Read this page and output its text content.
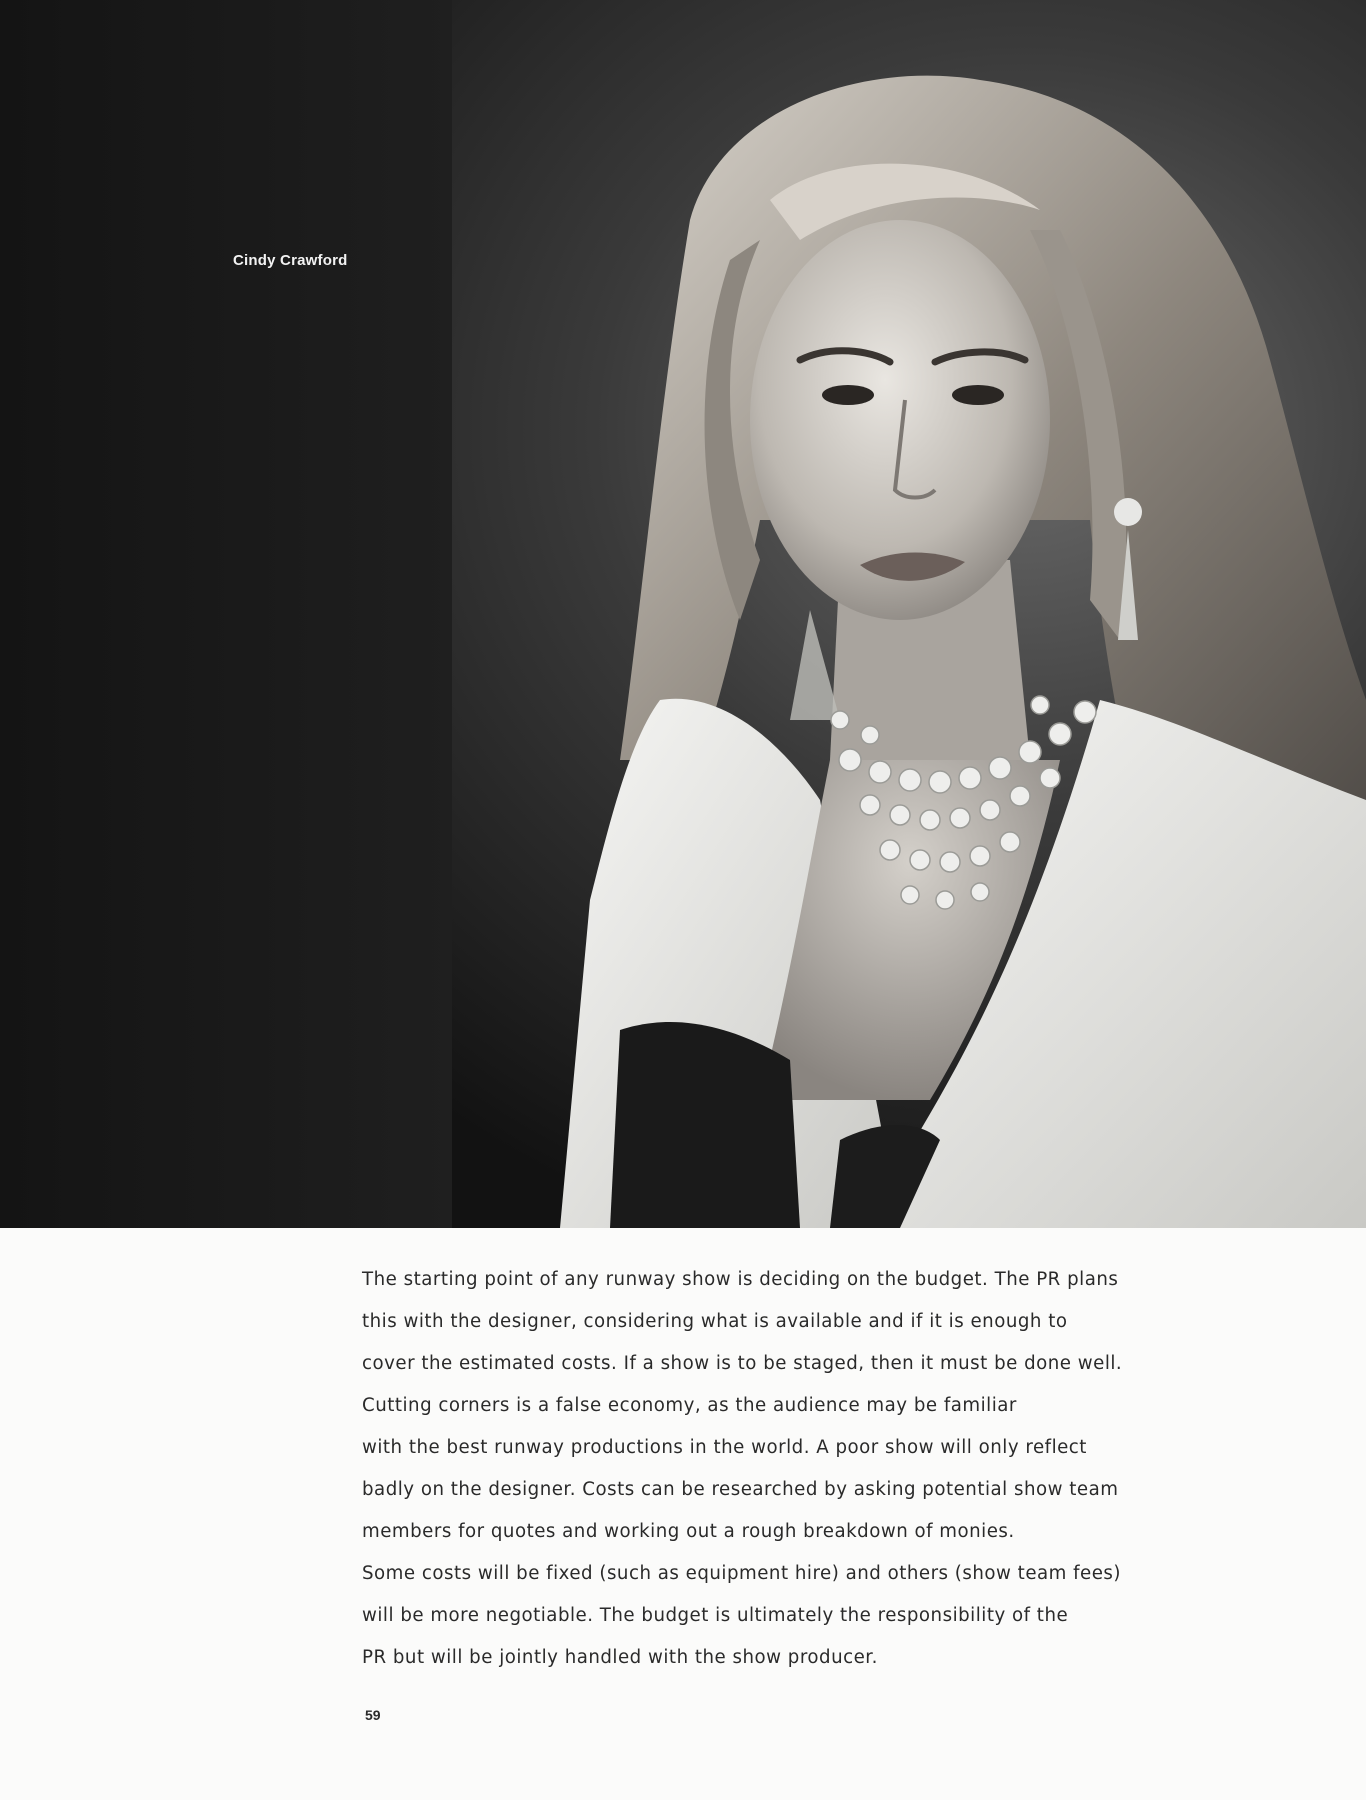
Cindy Crawford
The starting point of any runway show is deciding on the budget. The PR plans
this with the designer, considering what is available and if it is enough to
cover the estimated costs. If a show is to be staged, then it must be done well.
Cutting corners is a false economy, as the audience may be familiar
with the best runway productions in the world. A poor show will only reflect
badly on the designer. Costs can be researched by asking potential show team
members for quotes and working out a rough breakdown of monies.
Some costs will be fixed (such as equipment hire) and others (show team fees)
will be more negotiable. The budget is ultimately the responsibility of the
PR but will be jointly handled with the show producer.
59
